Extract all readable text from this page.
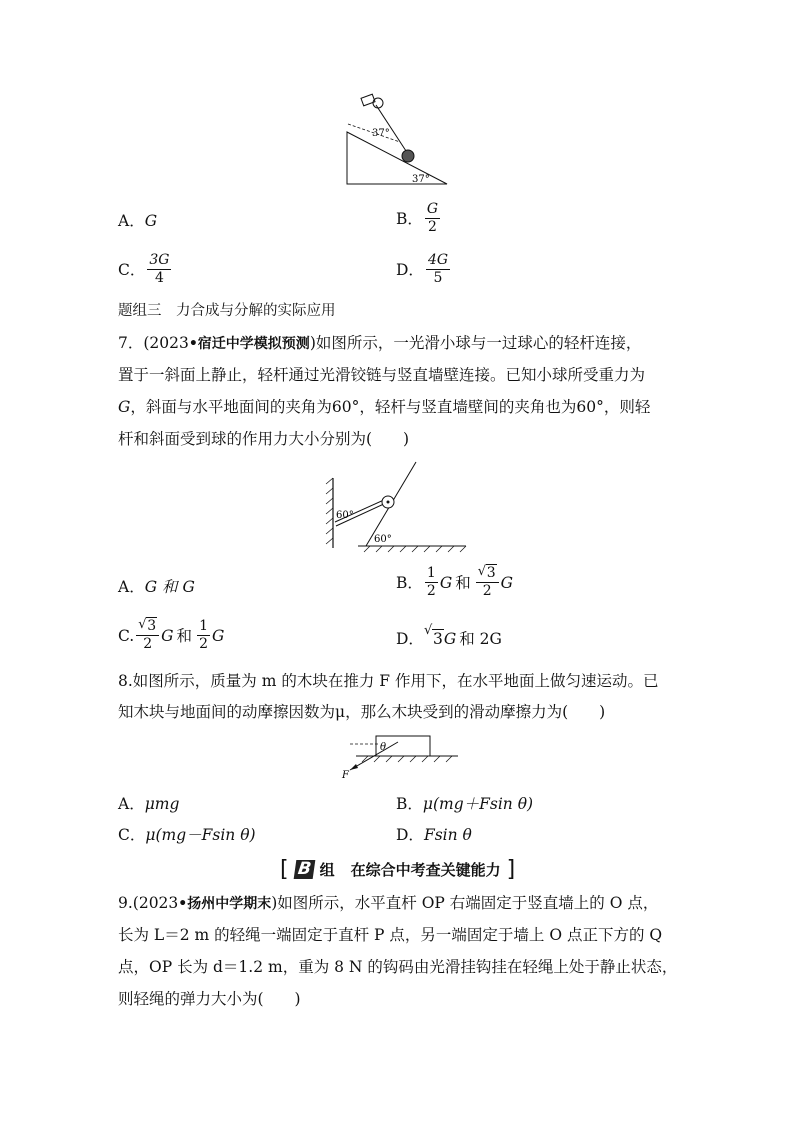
37°
37°
A．G	B． $\frac{G}{2}$
C． $\frac{3G}{4}$	D． $\frac{4G}{5}$
题组三　力合成与分解的实际应用
7．(2023•宿迁中学模拟预测)如图所示，一光滑小球与一过球心的轻杆连接，
置于一斜面上静止，轻杆通过光滑铰链与竖直墙壁连接。已知小球所受重力为
G，斜面与水平地面间的夹角为60°，轻杆与竖直墙壁间的夹角也为60°，则轻
杆和斜面受到球的作用力大小分别为(　　)
60°
60°
A．G 和 G	B． $\frac{1}{2}$ G 和 $\frac{√ 3}{2}$ G
C. $\frac{√ 3}{2}$ G 和 $\frac{1}{2}$ G	D． √ 3 G 和 2G
8.如图所示，质量为 m 的木块在推力 F 作用下，在水平地面上做匀速运动。已
知木块与地面间的动摩擦因数为μ，那么木块受到的滑动摩擦力为(　　)
θ
F
A．μmg	B．μ(mg＋Fsin θ)
C．μ(mg－Fsin θ)	D．Fsin θ
[ B 组 在综合中考查关键能力 ]
9.(2023•扬州中学期末)如图所示，水平直杆 OP 右端固定于竖直墙上的 O 点，
长为 L＝2 m 的轻绳一端固定于直杆 P 点，另一端固定于墙上 O 点正下方的 Q
点，OP 长为 d＝1.2 m，重为 8 N 的钩码由光滑挂钩挂在轻绳上处于静止状态，
则轻绳的弹力大小为(　　)
